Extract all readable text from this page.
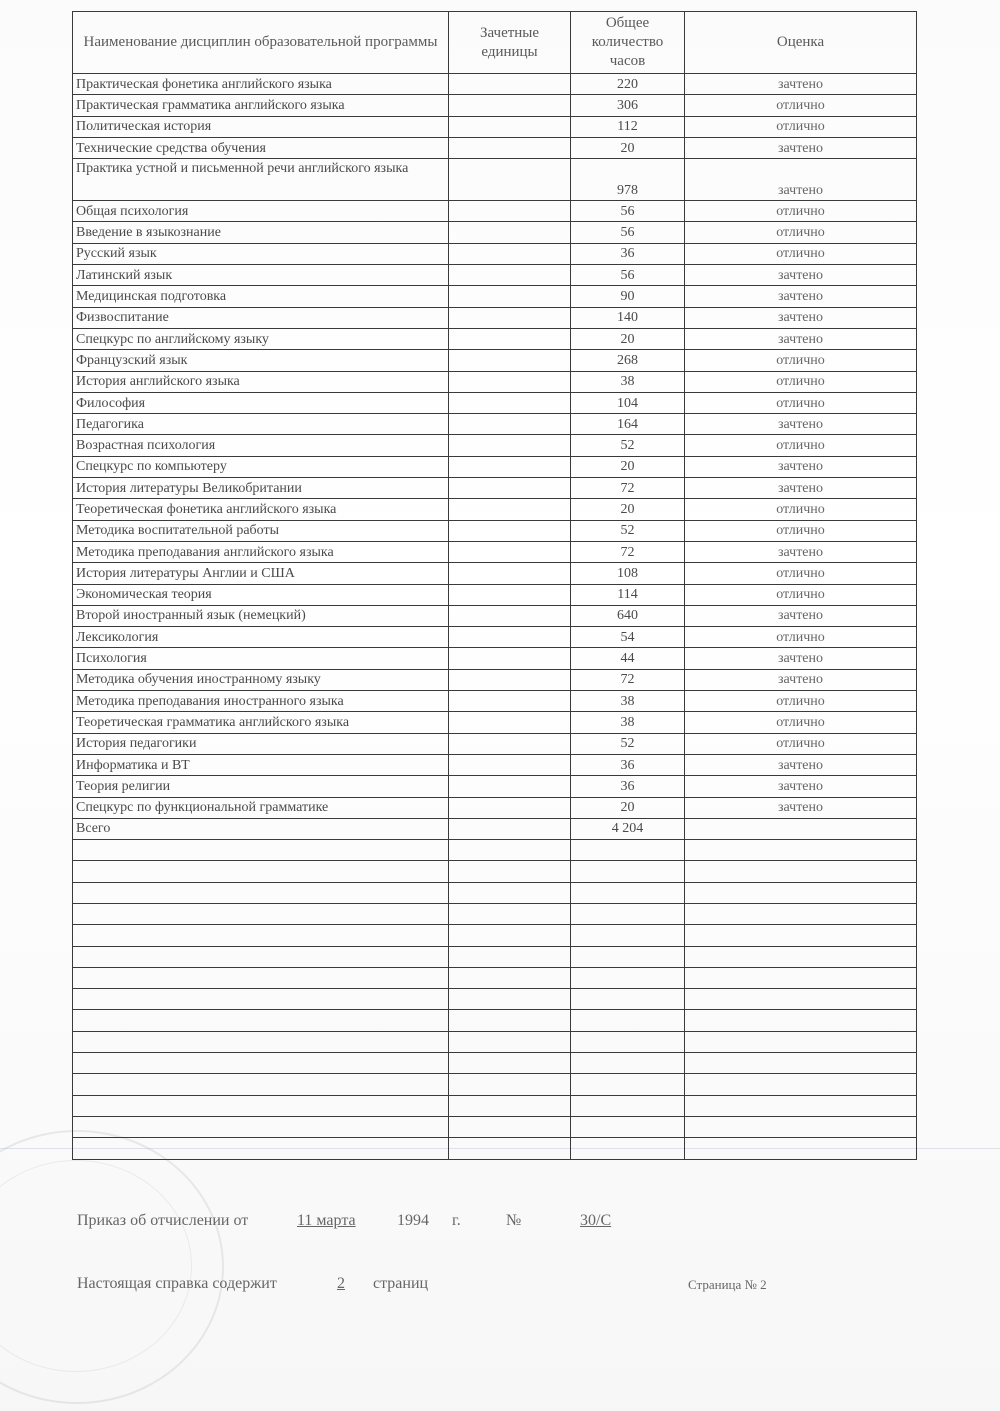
Наименование дисциплин образовательной программы	Зачетные единицы	Общее количество часов	Оценка
Практическая фонетика английского языка		220	зачтено
Практическая грамматика английского языка		306	отлично
Политическая история		112	отлично
Технические средства обучения		20	зачтено
Практика устной и письменной речи английского языка		978	зачтено
Общая психология		56	отлично
Введение в языкознание		56	отлично
Русский язык		36	отлично
Латинский язык		56	зачтено
Медицинская подготовка		90	зачтено
Физвоспитание		140	зачтено
Спецкурс по английскому языку		20	зачтено
Французский язык		268	отлично
История английского языка		38	отлично
Философия		104	отлично
Педагогика		164	зачтено
Возрастная психология		52	отлично
Спецкурс по компьютеру		20	зачтено
История литературы Великобритании		72	зачтено
Теоретическая фонетика английского языка		20	отлично
Методика воспитательной работы		52	отлично
Методика преподавания английского языка		72	зачтено
История литературы Англии и США		108	отлично
Экономическая теория		114	отлично
Второй иностранный язык (немецкий)		640	зачтено
Лексикология		54	отлично
Психология		44	зачтено
Методика обучения иностранному языку		72	зачтено
Методика преподавания иностранного языка		38	отлично
Теоретическая грамматика английского языка		38	отлично
История педагогики		52	отлично
Информатика и ВТ		36	зачтено
Теория религии		36	зачтено
Спецкурс по функциональной грамматике		20	зачтено
Всего		4 204	

Приказ об отчислении от	11 марта	1994 г.	№	30/С
Настоящая справка содержит	2 страниц	Страница № 2
